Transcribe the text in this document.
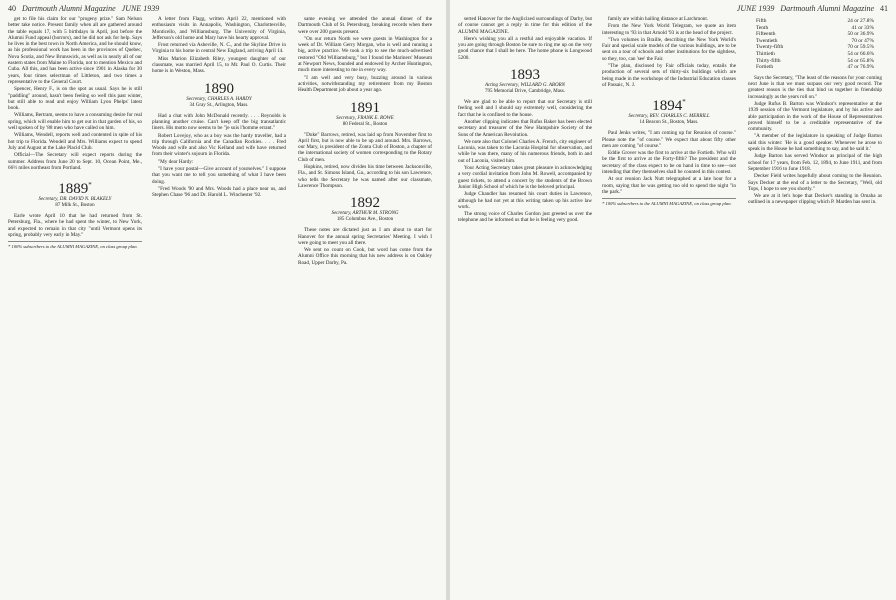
40 Dartmouth Alumni Magazine JUNE 1939

get to file his claim for our "progeny prize." Sam Nelson better take notice. Present family when all are gathered around the table equals 17, with 5 birthdays in April, just before the Alumni Fund appeal (horrors), and he did not ask for help. Says he lives in the best town in North America, and he should know, as his professional work has been in the provinces of Quebec, Nova Scotia, and New Brunswick, as well as in nearly all of our eastern states from Maine to Florida, not to mention Mexico and Cuba. All this, and has been active since 1901 in Alaska for 30 years, four times selectman of Littleton, and two times a representative to the General Court.

Spencer, Henry F., is on the spot as usual. Says he is still "paddling" around, hasn't been feeling so well this past winter, but still able to read and enjoy William Lyon Phelps' latest book.

Williams, Bertram, seems to have a consuming desire for real spring, which will enable him to get out in that garden of his, so well spoken of by '88 men who have called on him.

Williams, Wendell, reports well and contented in spite of his hot trip to Florida. Wendell and Mrs. Williams expect to spend July and August at the Lake Placid Club.

Official—The Secretary will expect reports during the summer. Address from June 20 to Sept. 10, Ocean Point, Me., 66½ miles northeast from Portland.

1889*
Secretary, DR. DAVID N. BLAKELY
87 Milk St., Boston

Earle wrote April 10 that he had returned from St. Petersburg, Fla., where he had spent the winter, to New York, and expected to remain in that city "until Vermont opens its spring, probably very early in May."

* 100% subscribers to the ALUMNI MAGAZINE, on class group plan.

A letter from Flagg, written April 22, mentioned with enthusiasm visits in Annapolis, Washington, Charlottesville, Monticello, and Williamsburg. The University of Virginia, Jefferson's old home and Mary have his hearty approval.

Frost returned via Asheville, N. C., and the Skyline Drive in Virginia to his home in central New England, arriving April 14.

Miss Marion Elizabeth Riley, youngest daughter of our classmate, was married April 15, to Mr. Paul O. Curtis. Their home is in Weston, Mass.

1890
Secretary, CHARLES A. HARDY
34 Gray St., Arlington, Mass.

Had a chat with John McDonald recently. . . . Reynolds is planning another cruise. Can't keep off the big transatlantic liners. His motto now seems to be "je suis l'homme errant."

Robert Lovejoy, who as a boy was the hardy traveller, had a trip through California and the Canadian Rockies. . . . Fred Woods and wife and also Vic Kelland and wife have returned from their winter's sojourn in Florida.

"My dear Hardy:

"I have your postal—Give account of yourselves." I suppose that you want me to tell you something of what I have been doing.

"Fred Woods '90 and Mrs. Woods had a place near us, and Stephen Chase '96 and Dr. Harold L. Winchester '92.

same evening we attended the annual dinner of the Dartmouth Club of St. Petersburg, breaking records when there were over 200 guests present.

"On our return North we were guests in Washington for a week of Dr. William Gerry Morgan, who is well and running a big, active practice. We took a trip to see the much-advertised restored "Old Williamsburg," but I found the Mariners' Museum at Newport News, founded and endowed by Archer Huntington, much more interesting to me in every way.

"I am well and very busy, buzzing around in various activities, notwithstanding my retirement from my Boston Health Department job about a year ago.

1891
Secretary, FRANK E. ROWE
80 Federal St., Boston

"Duke" Barrows, retired, was laid up from November first to April first, but is now able to be up and around. Mrs. Barrows, our Mary, is president of the Zonta Club of Boston, a chapter of the international society of women corresponding to the Rotary Club of men.

Hopkins, retired, now divides his time between Jacksonville, Fla., and St. Simons Island, Ga., according to his son Lawrence, who tells the Secretary he was named after our classmate, Lawrence Thompson.

1892
Secretary, ARTHUR M. STRONG
185 Columbus Ave., Boston

These notes are dictated just as I am about to start for Hanover for the annual spring Secretaries' Meeting. I wish I were going to meet you all there.

We sent no count on Cook, but word has come from the Alumni Office this morning that his new address is on Oakley Road, Upper Darby, Pa.

JUNE 1939 Dartmouth Alumni Magazine 41

serted Hanover for the Anglicized surroundings of Darby, but of course cannot get a reply in time for this edition of the ALUMNI MAGAZINE.

Here's wishing you all a restful and enjoyable vacation. If you are going through Boston be sure to ring me up on the very good chance that I shall be here. The home phone is Longwood 5200.

1893
Acting Secretary, WILLARD G. ABORN
795 Memorial Drive, Cambridge, Mass.

We are glad to be able to report that our Secretary is still feeling well and I should say extremely well, considering the fact that he is confined to the house.

Another clipping indicates that Rufus Baker has been elected secretary and treasurer of the New Hampshire Society of the Sons of the American Revolution.

We note also that Colonel Charles A. French, city engineer of Laconia, was taken to the Laconia Hospital for observation, and while he was there, many of his numerous friends, both in and out of Laconia, visited him.

Your Acting Secretary takes great pleasure in acknowledging a very cordial invitation from John M. Rowell, accompanied by guest tickets, to attend a concert by the students of the Brown Junior High School of which he is the beloved principal.

Judge Chandler has resumed his court duties in Lawrence, although he had not yet at this writing taken up his active law work.

The strong voice of Charles Gordon just greeted us over the telephone and he informed us that he is feeling very good.

family are within hailing distance at Larchmont.

From the New York World Telegram, we quote an item interesting to '93 in that Arnold '93 is at the head of the project.

"Two volumes in Braille, describing the New York World's Fair and special scale models of the various buildings, are to be sent on a tour of schools and other institutions for the sightless, so they, too, can 'see' the Fair.

"The plan, disclosed by Fair officials today, entails the production of several sets of thirty-six buildings which are being made in the workshops of the Industrial Education classes of Passaic, N. J.

1894*
Secretary, REV. CHARLES C. MERRILL
14 Beacon St., Boston, Mass.

Paul Jenks writes, "I am coming up for Reunion of course." Please note the "of course." We expect that about fifty other men are coming "of course."

Eddie Grover was the first to arrive at the Fortieth. Who will be the first to arrive at the Forty-fifth? The president and the secretary of the class expect to be on hand in time to see—not intending that they themselves shall be counted in this contest.

At our reunion Jack Nutt telegraphed at a late hour for a room, saying that he was getting too old to spend the night "in the park."

* 100% subscribers to the ALUMNI MAGAZINE, on class group plan.
Fifth	24 or 27.8%
Tenth	41 or 33%
Fifteenth	50 or 36.9%
Twentieth	70 or 47%
Twenty-fifth	70 or 59.5%
Thirtieth	54 or 66.6%
Thirty-fifth	54 or 65.8%
Fortieth	47 or 76.9%

Says the Secretary, "The least of the reasons for your coming next June is that we must surpass our very good record. The greatest reason is the ties that bind us together in friendship increasingly as the years roll on."

Judge Rufus B. Barton was Windsor's representative at the 1939 session of the Vermont legislature, and by his active and able participation in the work of the House of Representatives proved himself to be a creditable representative of the community.

"A member of the legislature in speaking of Judge Barton said this winter: 'He is a good speaker. Whenever he arose to speak in the House he had something to say, and he said it.'

Judge Barton has served Windsor as principal of the high school for 17 years, from Feb. 12, 1894, to June 1911, and from September 1916 to June 1918.

Decker Field writes hopefully about coming to the Reunion. Says Decker at the end of a letter to the Secretary, "Well, old Tops, I hope to see you shortly."

We are at it let's hope that Decker's standing in Omaha as outlined in a newspaper clipping which P. Marden has sent in.
